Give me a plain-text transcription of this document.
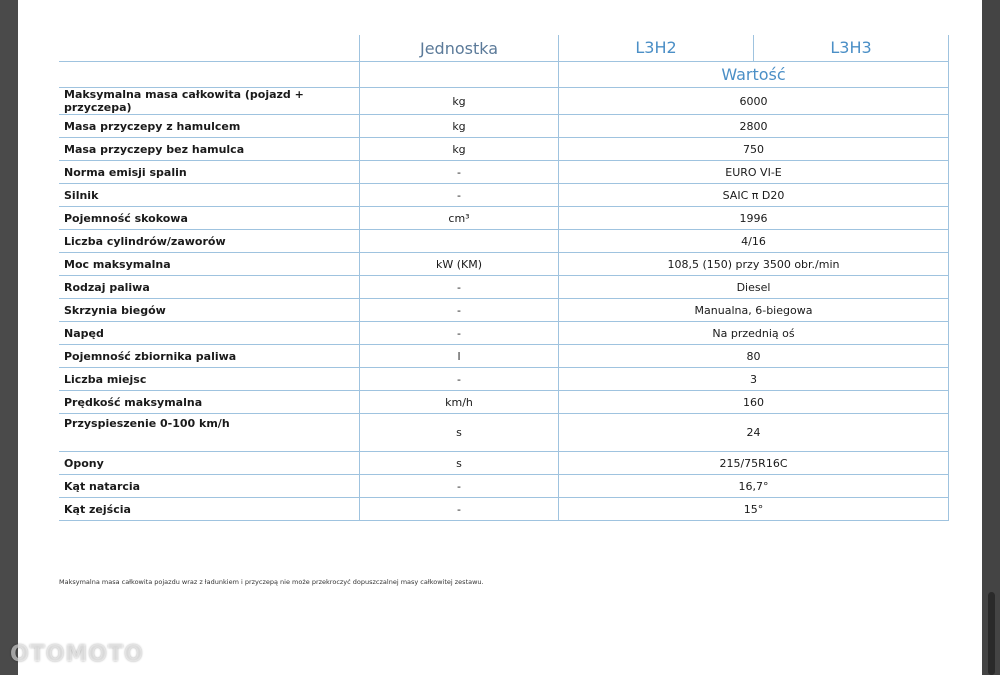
	Jednostka	L3H2 L3H3

		Wartość
Maksymalna masa całkowita (pojazd + przyczepa)	kg	6000
Masa przyczepy z hamulcem	kg	2800
Masa przyczepy bez hamulca	kg	750
Norma emisji spalin	-	EURO VI-E
Silnik	-	SAIC π D20
Pojemność skokowa	cm³	1996
Liczba cylindrów/zaworów		4/16
Moc maksymalna	kW (KM)	108,5 (150) przy 3500 obr./min
Rodzaj paliwa	-	Diesel
Skrzynia biegów	-	Manualna, 6-biegowa
Napęd	-	Na przednią oś
Pojemność zbiornika paliwa	l	80
Liczba miejsc	-	3
Prędkość maksymalna	km/h	160
Przyspieszenie 0-100 km/h	s	24
Opony	s	215/75R16C
Kąt natarcia	-	16,7°
Kąt zejścia	-	15°
Maksymalna masa całkowita pojazdu wraz z ładunkiem i przyczepą nie może przekroczyć dopuszczalnej masy całkowitej zestawu.
OTOMOTO
